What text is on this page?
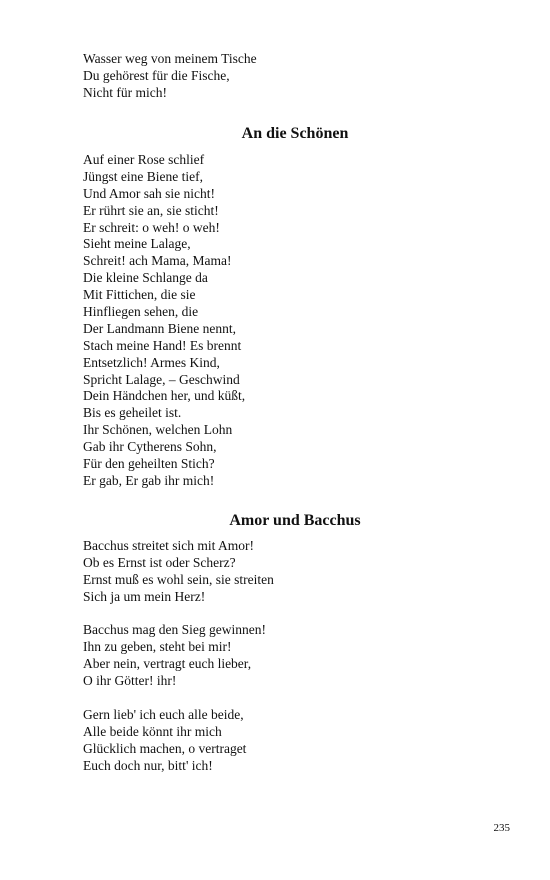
Wasser weg von meinem Tische
Du gehörest für die Fische,
Nicht für mich!
An die Schönen
Auf einer Rose schlief
Jüngst eine Biene tief,
Und Amor sah sie nicht!
Er rührt sie an, sie sticht!
Er schreit: o weh! o weh!
Sieht meine Lalage,
Schreit! ach Mama, Mama!
Die kleine Schlange da
Mit Fittichen, die sie
Hinfliegen sehen, die
Der Landmann Biene nennt,
Stach meine Hand! Es brennt
Entsetzlich! Armes Kind,
Spricht Lalage, – Geschwind
Dein Händchen her, und küßt,
Bis es geheilet ist.
Ihr Schönen, welchen Lohn
Gab ihr Cytherens Sohn,
Für den geheilten Stich?
Er gab, Er gab ihr mich!
Amor und Bacchus
Bacchus streitet sich mit Amor!
Ob es Ernst ist oder Scherz?
Ernst muß es wohl sein, sie streiten
Sich ja um mein Herz!
Bacchus mag den Sieg gewinnen!
Ihn zu geben, steht bei mir!
Aber nein, vertragt euch lieber,
O ihr Götter! ihr!
Gern lieb' ich euch alle beide,
Alle beide könnt ihr mich
Glücklich machen, o vertraget
Euch doch nur, bitt' ich!
235
